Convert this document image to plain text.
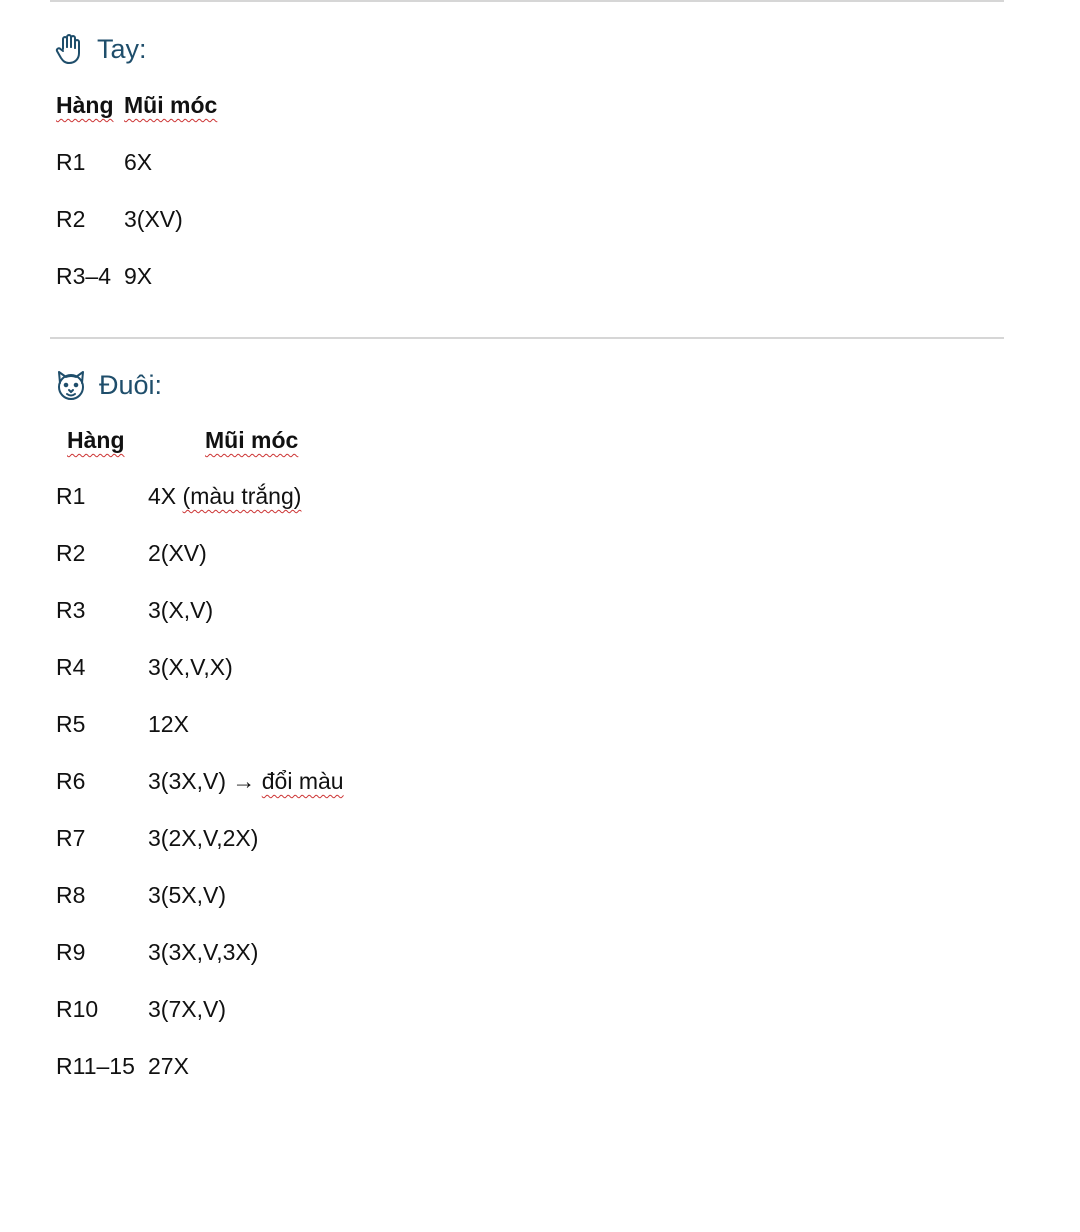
Tay:
Hàng Mũi móc
R1 6X
R2 3(XV)
R3–4 9X
Đuôi:
Hàng	Mũi móc
R1	4X (màu trắng)
R2	2(XV)
R3	3(X,V)
R4	3(X,V,X)
R5	12X
R6	3(3X,V) → đổi màu
R7	3(2X,V,2X)
R8	3(5X,V)
R9	3(3X,V,3X)
R10 3(7X,V)
R11–15 27X
